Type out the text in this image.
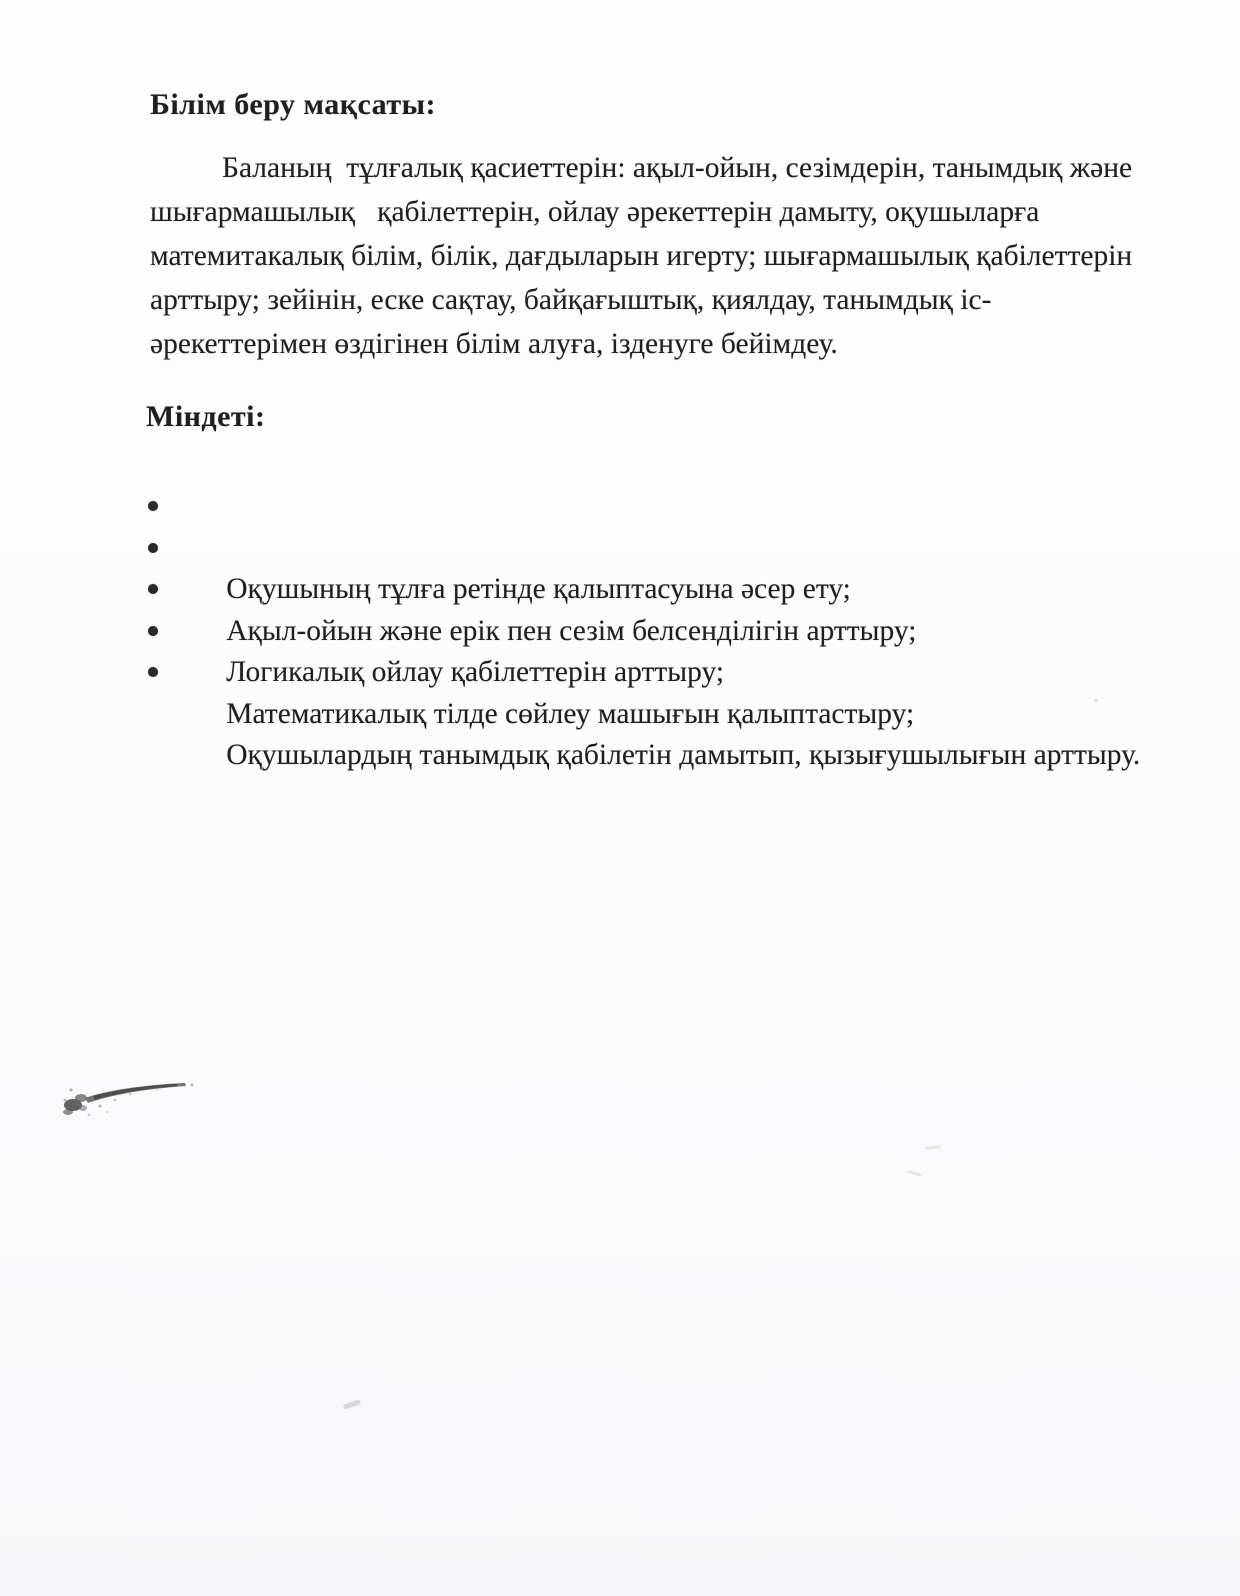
Білім беру мақсаты:
Баланың  тұлғалық қасиеттерін: ақыл-ойын, сезімдерін, танымдық және
шығармашылық   қабілеттерін, ойлау әрекеттерін дамыту, оқушыларға
матемитакалық білім, білік, дағдыларын игерту; шығармашылық қабілеттерін
арттыру; зейінін, еске сақтау, байқағыштық, қиялдау, танымдық іс-
әрекеттерімен өздігінен білім алуға, ізденуге бейімдеу.
Міндеті:

Оқушының тұлға ретінде қалыптасуына әсер ету;

Ақыл-ойын және ерік пен сезім белсенділігін арттыру;

Логикалық ойлау қабілеттерін арттыру;

Математикалық тілде сөйлеу машығын қалыптастыру;

Оқушылардың танымдық қабілетін дамытып, қызығушылығын арттыру.
